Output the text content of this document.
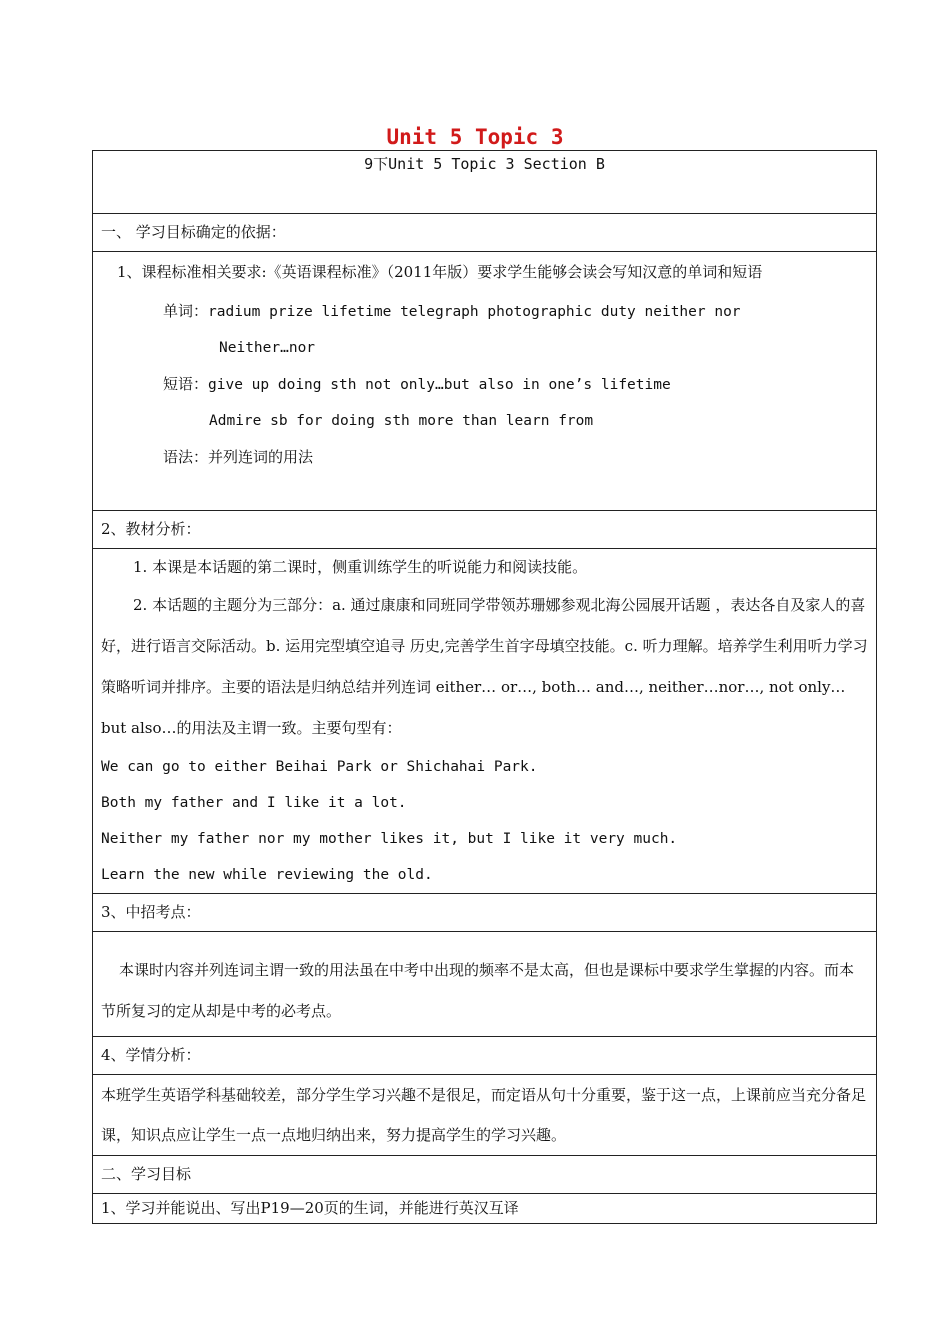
Unit 5 Topic 3
9下Unit 5 Topic 3 Section B
一、 学习目标确定的依据：

1、课程标准相关要求:《英语课程标准》（2011年版）要求学生能够会读会写知汉意的单词和短语
单词：radium prize lifetime telegraph photographic duty neither nor
Neither…nor
短语：give up doing sth not only…but also in one’s lifetime
Admire sb for doing sth more than learn from
语法：并列连词的用法

2、教材分析：

1. 本课是本话题的第二课时，侧重训练学生的听说能力和阅读技能。
2. 本话题的主题分为三部分：a. 通过康康和同班同学带领苏珊娜参观北海公园展开话题 ，表达各自及家人的喜好，进行语言交际活动。b. 运用完型填空追寻 历史,完善学生首字母填空技能。c. 听力理解。培养学生利用听力学习策略听词并排序。主要的语法是归纳总结并列连词 either… or…, both… and…, neither…nor…, not only… but also…的用法及主谓一致。主要句型有：
We can go to either Beihai Park or Shichahai Park.
Both my father and I like it a lot.
Neither my father nor my mother likes it, but I like it very much.
Learn the new while reviewing the old.

3、中招考点：

本课时内容并列连词主谓一致的用法虽在中考中出现的频率不是太高，但也是课标中要求学生掌握的内容。而本节所复习的定从却是中考的必考点。

4、学情分析：

本班学生英语学科基础较差，部分学生学习兴趣不是很足，而定语从句十分重要，鉴于这一点，上课前应当充分备足课，知识点应让学生一点一点地归纳出来，努力提高学生的学习兴趣。

二、学习目标
1、学习并能说出、写出P19—20页的生词，并能进行英汉互译
